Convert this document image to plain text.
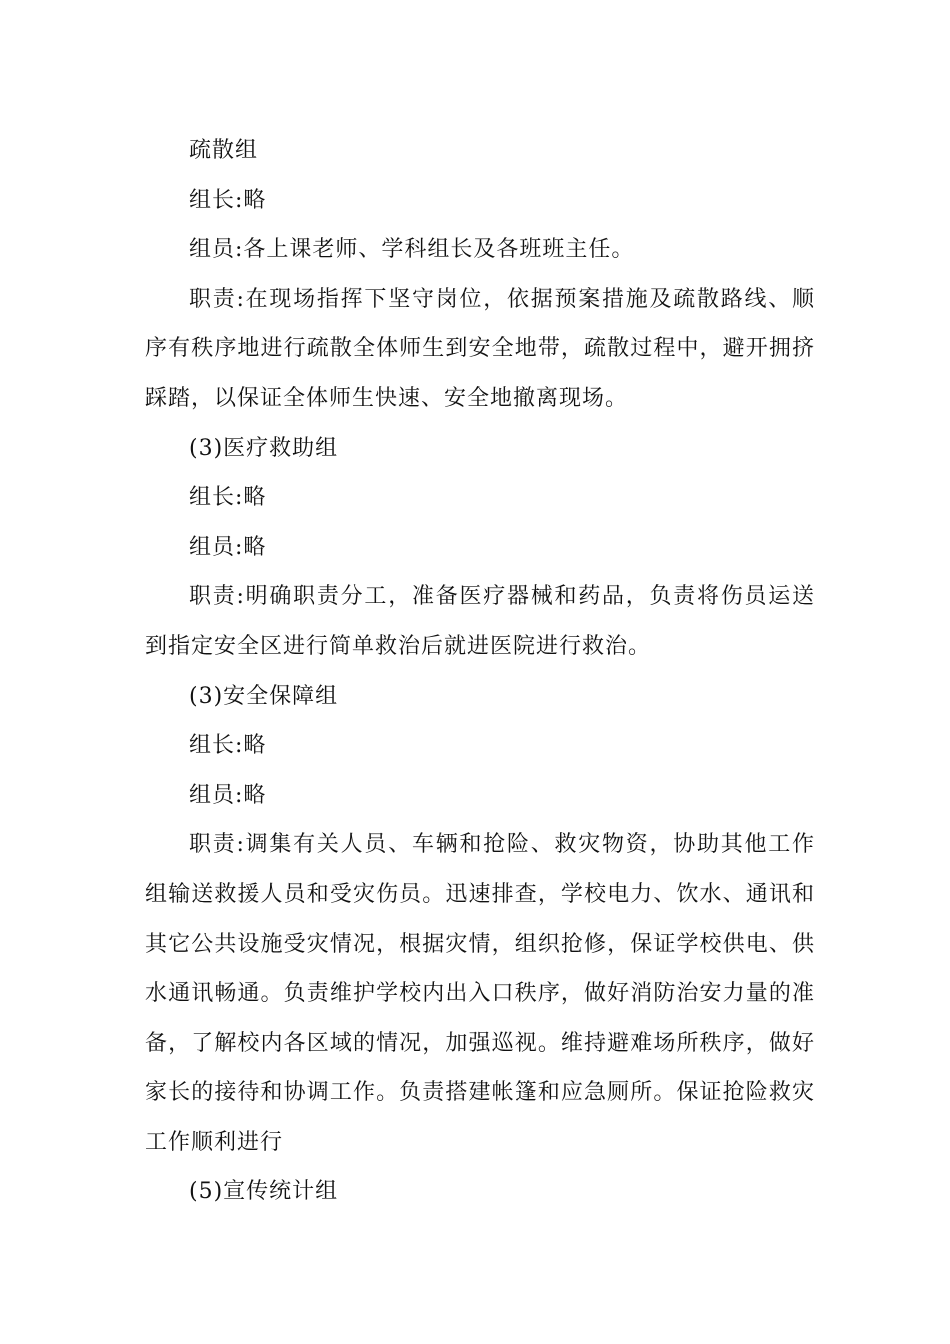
疏散组

组长:略

组员:各上课老师、学科组长及各班班主任。

职责:在现场指挥下坚守岗位，依据预案措施及疏散路线、顺序有秩序地进行疏散全体师生到安全地带，疏散过程中，避开拥挤踩踏，以保证全体师生快速、安全地撤离现场。

(3)医疗救助组

组长:略

组员:略

职责:明确职责分工，准备医疗器械和药品，负责将伤员运送到指定安全区进行简单救治后就进医院进行救治。

(3)安全保障组

组长:略

组员:略

职责:调集有关人员、车辆和抢险、救灾物资，协助其他工作组输送救援人员和受灾伤员。迅速排查，学校电力、饮水、通讯和其它公共设施受灾情况，根据灾情，组织抢修，保证学校供电、供水通讯畅通。负责维护学校内出入口秩序，做好消防治安力量的准备，了解校内各区域的情况，加强巡视。维持避难场所秩序，做好家长的接待和协调工作。负责搭建帐篷和应急厕所。保证抢险救灾工作顺利进行

(5)宣传统计组
